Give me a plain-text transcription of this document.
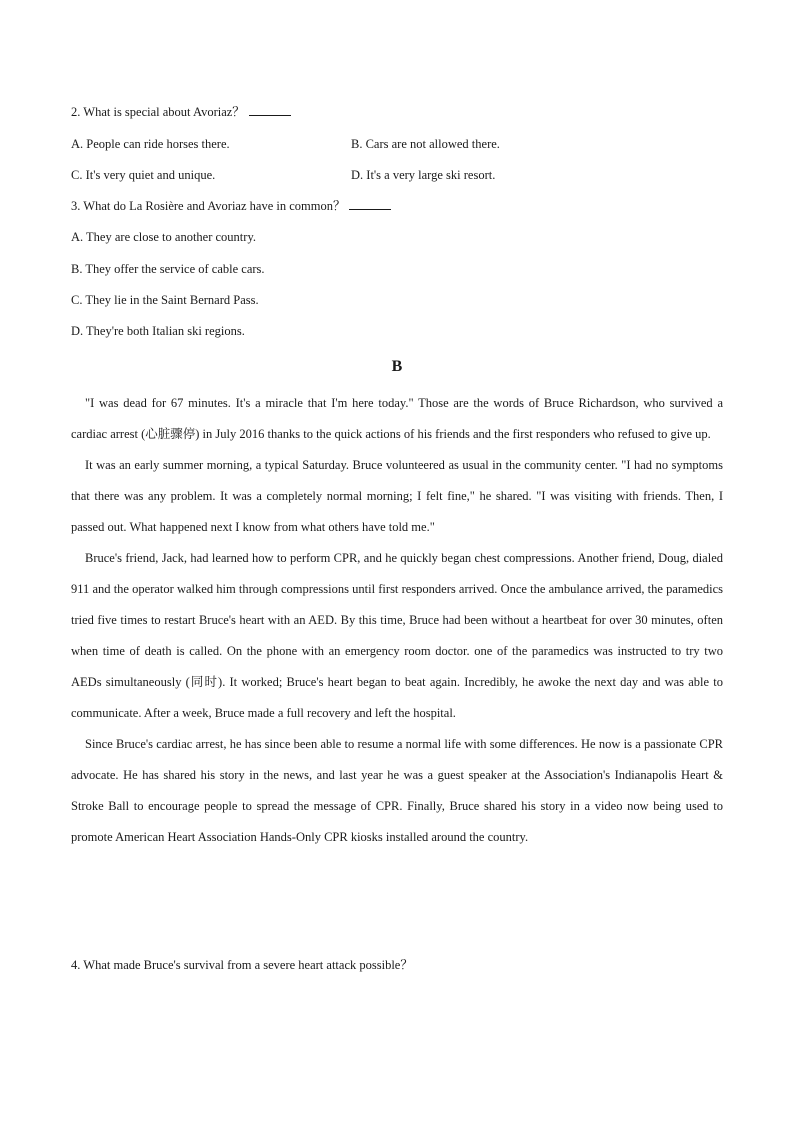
2. What is special about Avoriaz？
A. People can ride horses there.	B. Cars are not allowed there.
C. It's very quiet and unique.	D. It's a very large ski resort.
3. What do La Rosière and Avoriaz have in common？
A. They are close to another country.
B. They offer the service of cable cars.
C. They lie in the Saint Bernard Pass.
D. They're both Italian ski regions.
B

"I was dead for 67 minutes. It's a miracle that I'm here today." Those are the words of Bruce Richardson, who survived a cardiac arrest (心脏骤停) in July 2016 thanks to the quick actions of his friends and the first responders who refused to give up.

It was an early summer morning, a typical Saturday. Bruce volunteered as usual in the community center. "I had no symptoms that there was any problem. It was a completely normal morning; I felt fine," he shared. "I was visiting with friends. Then, I passed out. What happened next I know from what others have told me."

Bruce's friend, Jack, had learned how to perform CPR, and he quickly began chest compressions. Another friend, Doug, dialed 911 and the operator walked him through compressions until first responders arrived. Once the ambulance arrived, the paramedics tried five times to restart Bruce's heart with an AED. By this time, Bruce had been without a heartbeat for over 30 minutes, often when time of death is called. On the phone with an emergency room doctor. one of the paramedics was instructed to try two AEDs simultaneously (同时). It worked; Bruce's heart began to beat again. Incredibly, he awoke the next day and was able to communicate. After a week, Bruce made a full recovery and left the hospital.

Since Bruce's cardiac arrest, he has since been able to resume a normal life with some differences. He now is a passionate CPR advocate. He has shared his story in the news, and last year he was a guest speaker at the Association's Indianapolis Heart & Stroke Ball to encourage people to spread the message of CPR. Finally, Bruce shared his story in a video now being used to promote American Heart Association Hands-Only CPR kiosks installed around the country.

4. What made Bruce's survival from a severe heart attack possible？
